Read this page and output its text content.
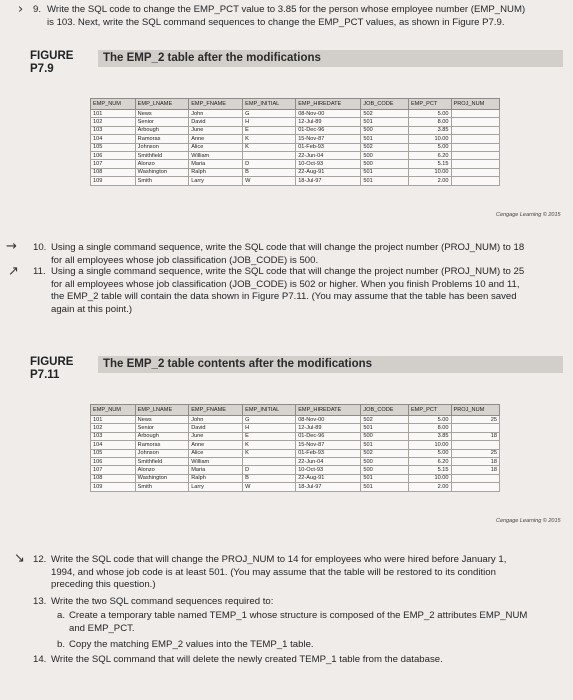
› 9. Write the SQL code to change the EMP_PCT value to 3.85 for the person whose employee number (EMP_NUM)

is 103. Next, write the SQL command sequences to change the EMP_PCT values, as shown in Figure P7.9.
FIGURE
P7.9
The EMP_2 table after the modifications
EMP_NUM	EMP_LNAME	EMP_FNAME	EMP_INITIAL	EMP_HIREDATE	JOB_CODE	EMP_PCT	PROJ_NUM
101	News	John	G	08-Nov-00	502	5.00	
102	Senior	David	H	12-Jul-89	501	8.00	
103	Arbough	June	E	01-Dec-96	500	3.85	
104	Ramoras	Anne	K	15-Nov-87	501	10.00	
105	Johnson	Alice	K	01-Feb-93	502	5.00	
106	Smithfield	William		22-Jun-04	500	6.20	
107	Alonzo	Maria	D	10-Oct-93	500	5.15	
108	Washington	Ralph	B	22-Aug-91	501	10.00	
109	Smith	Larry	W	18-Jul-97	501	2.00	
Cengage Learning © 2015
→ 10. Using a single command sequence, write the SQL code that will change the project number (PROJ_NUM) to 18

for all employees whose job classification (JOB_CODE) is 500.
↗ 11. Using a single command sequence, write the SQL code that will change the project number (PROJ_NUM) to 25

for all employees whose job classification (JOB_CODE) is 502 or higher. When you finish Problems 10 and 11,

the EMP_2 table will contain the data shown in Figure P7.11. (You may assume that the table has been saved

again at this point.)
FIGURE
P7.11
The EMP_2 table contents after the modifications
EMP_NUM	EMP_LNAME	EMP_FNAME	EMP_INITIAL	EMP_HIREDATE	JOB_CODE	EMP_PCT	PROJ_NUM
101	News	John	G	08-Nov-00	502	5.00	25
102	Senior	David	H	12-Jul-89	501	8.00	
103	Arbough	June	E	01-Dec-96	500	3.85	18
104	Ramoras	Anne	K	15-Nov-87	501	10.00	
105	Johnson	Alice	K	01-Feb-93	502	5.00	25
106	Smithfield	William		22-Jun-04	500	6.20	18
107	Alonzo	Maria	D	10-Oct-93	500	5.15	18
108	Washington	Ralph	B	22-Aug-91	501	10.00	
109	Smith	Larry	W	18-Jul-97	501	2.00	
Cengage Learning © 2015
↘ 12. Write the SQL code that will change the PROJ_NUM to 14 for employees who were hired before January 1,

1994, and whose job code is at least 501. (You may assume that the table will be restored to its condition

preceding this question.)
13. Write the two SQL command sequences required to:
a. Create a temporary table named TEMP_1 whose structure is composed of the EMP_2 attributes EMP_NUM

and EMP_PCT.
b. Copy the matching EMP_2 values into the TEMP_1 table.
14. Write the SQL command that will delete the newly created TEMP_1 table from the database.
